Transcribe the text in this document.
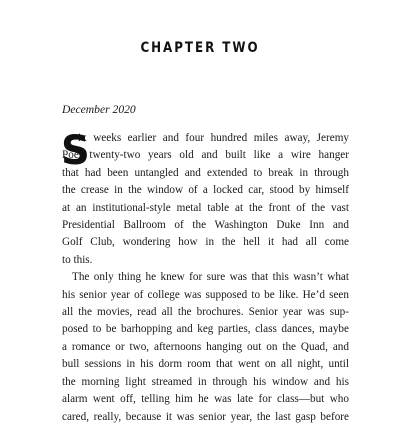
CHAPTER TWO
December 2020
S
ix weeks earlier and four hundred miles away, Jeremy
Poe, twenty-two years old and built like a wire hanger
that had been untangled and extended to break in through
the crease in the window of a locked car, stood by himself
at an institutional-style metal table at the front of the vast
Presidential Ballroom of the Washington Duke Inn and
Golf Club, wondering how in the hell it had all come
to this.
The only thing he knew for sure was that this wasn’t what
his senior year of college was supposed to be like. He’d seen
all the movies, read all the brochures. Senior year was sup-
posed to be barhopping and keg parties, class dances, maybe
a romance or two, afternoons hanging out on the Quad, and
bull sessions in his dorm room that went on all night, until
the morning light streamed in through his window and his
alarm went off, telling him he was late for class—but who
cared, really, because it was senior year, the last gasp before
